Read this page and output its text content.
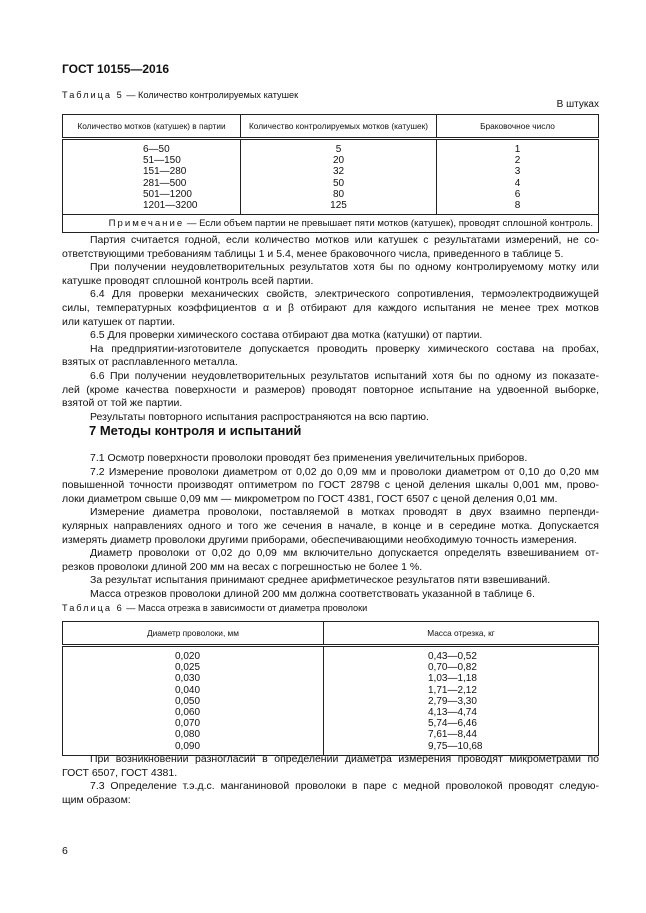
ГОСТ 10155—2016
Таблица 5 — Количество контролируемых катушек
В штуках
Количество мотков (катушек) в партии	Количество контролируемых мотков (катушек)	Браковочное число
6—50	5	1
51—150	20	2
151—280	32	3
281—500	50	4
501—1200	80	6
1201—3200	125	8
Примечание — Если объем партии не превышает пяти мотков (катушек), проводят сплошной контроль.		
Партия считается годной, если количество мотков или катушек с результатами измерений, не со-
ответствующими требованиям таблицы 1 и 5.4, менее браковочного числа, приведенного в таблице 5.
При получении неудовлетворительных результатов хотя бы по одному контролируемому мотку или
катушке проводят сплошной контроль всей партии.
6.4 Для проверки механических свойств, электрического сопротивления, термоэлектродвижущей
силы, температурных коэффициентов α и β отбирают для каждого испытания не менее трех мотков
или катушек от партии.
6.5 Для проверки химического состава отбирают два мотка (катушки) от партии.
На предприятии-изготовителе допускается проводить проверку химического состава на пробах,
взятых от расплавленного металла.
6.6 При получении неудовлетворительных результатов испытаний хотя бы по одному из показате-
лей (кроме качества поверхности и размеров) проводят повторное испытание на удвоенной выборке,
взятой от той же партии.
Результаты повторного испытания распространяются на всю партию.
7 Методы контроля и испытаний
7.1 Осмотр поверхности проволоки проводят без применения увеличительных приборов.
7.2 Измерение проволоки диаметром от 0,02 до 0,09 мм и проволоки диаметром от 0,10 до 0,20 мм
повышенной точности производят оптиметром по ГОСТ 28798 с ценой деления шкалы 0,001 мм, прово-
локи диаметром свыше 0,09 мм — микрометром по ГОСТ 4381, ГОСТ 6507 с ценой деления 0,01 мм.
Измерение диаметра проволоки, поставляемой в мотках проводят в двух взаимно перпенди-
кулярных направлениях одного и того же сечения в начале, в конце и в середине мотка. Допускается
измерять диаметр проволоки другими приборами, обеспечивающими необходимую точность измерения.
Диаметр проволоки от 0,02 до 0,09 мм включительно допускается определять взвешиванием от-
резков проволоки длиной 200 мм на весах с погрешностью не более 1 %.
За результат испытания принимают среднее арифметическое результатов пяти взвешиваний.
Масса отрезков проволоки длиной 200 мм должна соответствовать указанной в таблице 6.
Таблица 6 — Масса отрезка в зависимости от диаметра проволоки
Диаметр проволоки, мм	Масса отрезка, кг
0,020	0,43—0,52
0,025	0,70—0,82
0,030	1,03—1,18
0,040	1,71—2,12
0,050	2,79—3,30
0,060	4,13—4,74
0,070	5,74—6,46
0,080	7,61—8,44
0,090	9,75—10,68
При возникновении разногласий в определении диаметра измерения проводят микрометрами по
ГОСТ 6507, ГОСТ 4381.
7.3 Определение т.э.д.с. манганиновой проволоки в паре с медной проволокой проводят следую-
щим образом:
6
